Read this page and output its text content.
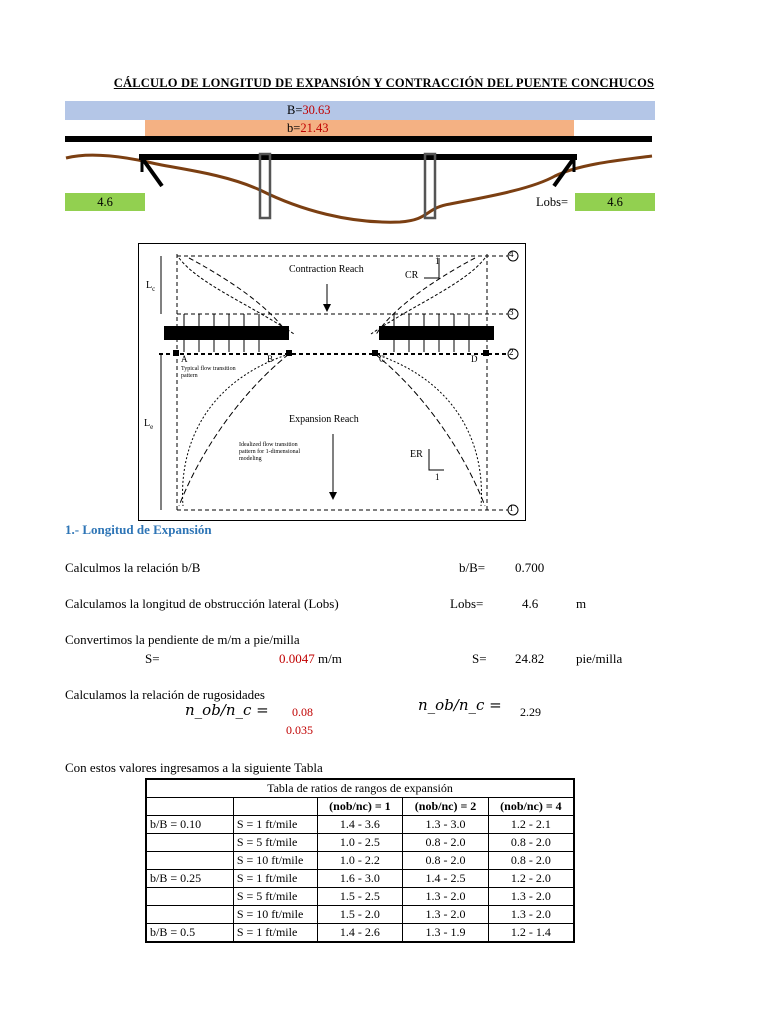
CÁLCULO DE LONGITUD DE EXPANSIÓN Y CONTRACCIÓN DEL PUENTE CONCHUCOS
B=30.63
b=21.43
4.6	Lobs=	4.6
4
3
2
1
Contraction Reach
Expansion Reach
CR
1
ER
1
$L_c$
$L_e$
A	B	C	D
Typical flow transition
pattern
Idealized flow transition
pattern for 1-dimensional
modeling
1.- Longitud de Expansión
Calculmos la relación b/B	b/B= 0.700
Calculamos la longitud de obstrucción lateral (Lobs)	Lobs=	4.6	m
Convertimos la pendiente de m/m a pie/milla
S=	0.0047 m/m	S= 24.82 pie/milla
Calculamos la relación de rugosidades
n_ob/n_c = 0.08
0.035
n_ob/n_c = 2.29
Con estos valores ingresamos a la siguiente Tabla
Tabla de ratios de rangos de expansión				
		(nob/nc) = 1	(nob/nc) = 2	(nob/nc) = 4
b/B = 0.10	S = 1 ft/mile	1.4 - 3.6	1.3 - 3.0	1.2 - 2.1
	S = 5 ft/mile	1.0 - 2.5	0.8 - 2.0	0.8 - 2.0
	S = 10 ft/mile	1.0 - 2.2	0.8 - 2.0	0.8 - 2.0
b/B = 0.25	S = 1 ft/mile	1.6 - 3.0	1.4 - 2.5	1.2 - 2.0
	S = 5 ft/mile	1.5 - 2.5	1.3 - 2.0	1.3 - 2.0
	S = 10 ft/mile	1.5 - 2.0	1.3 - 2.0	1.3 - 2.0
b/B = 0.5	S = 1 ft/mile	1.4 - 2.6	1.3 - 1.9	1.2 - 1.4
